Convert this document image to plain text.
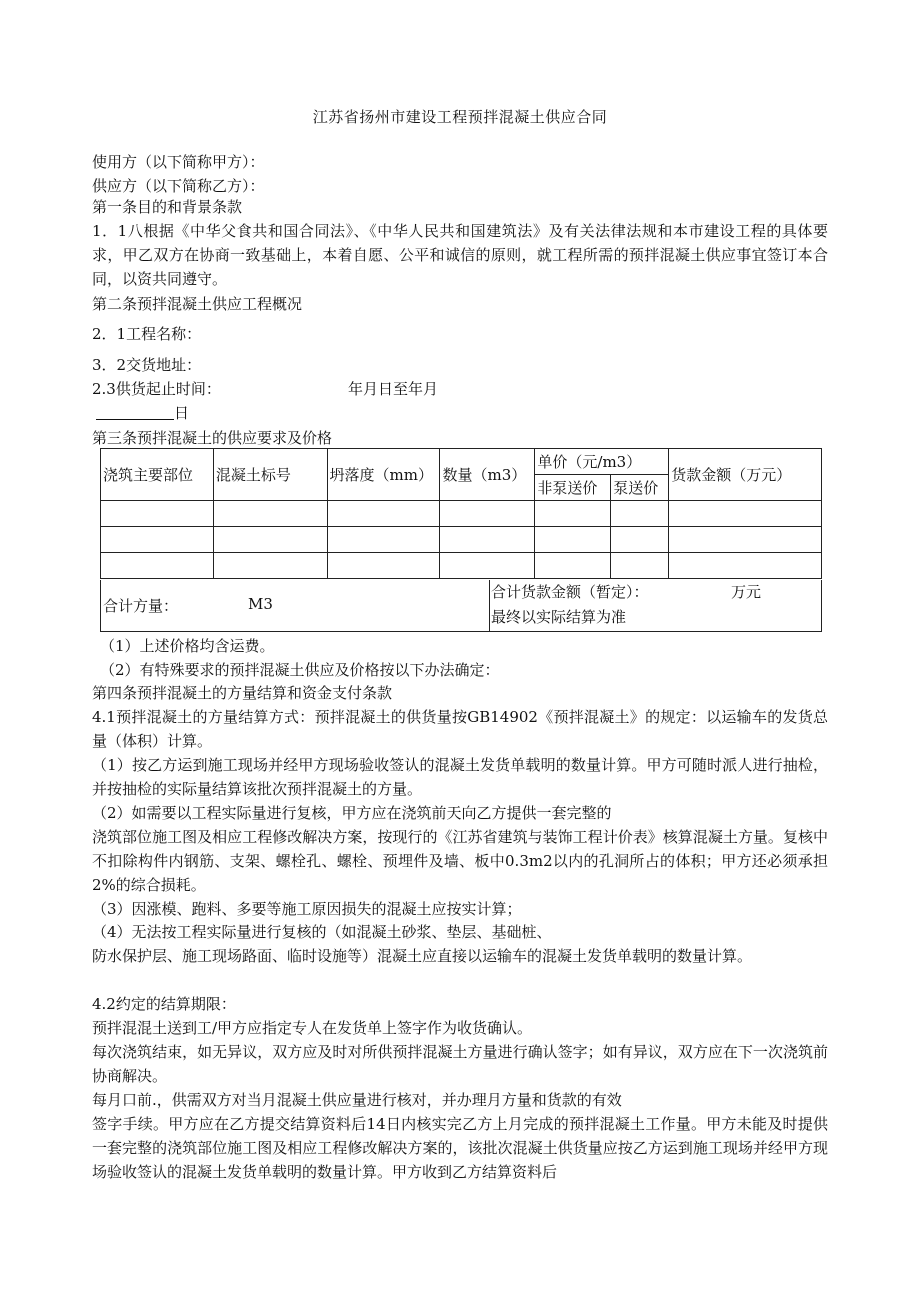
江苏省扬州市建设工程预拌混凝土供应合同
使用方（以下简称甲方）：
供应方（以下简称乙方）：
第一条目的和背景条款
1．1八根据《中华父食共和国合同法》、《中华人民共和国建筑法》及有关法律法规和本市建设工程的具体要求，甲乙双方在协商一致基础上，本着自愿、公平和诚信的原则，就工程所需的预拌混凝土供应事宜签订本合同，以资共同遵守。
第二条预拌混凝土供应工程概况
2．1工程名称：
3．2交货地址：
2.3供货起止时间：	年月日至年月
日
第三条预拌混凝土的供应要求及价格
浇筑主要部位	混凝土标号	坍落度（mm）	数量（m3）	单价（元/m3）		货款金额（万元）
				非泵送价	泵送价	

合计方量：	M3
合计货款金额（暂定）：	万元
最终以实际结算为准
（1）上述价格均含运费。
（2）有特殊要求的预拌混凝土供应及价格按以下办法确定：
第四条预拌混凝土的方量结算和资金支付条款
4.1预拌混凝土的方量结算方式：预拌混凝土的供货量按GB14902《预拌混凝土》的规定：以运输车的发货总量（体积）计算。
（1）按乙方运到施工现场并经甲方现场验收签认的混凝土发货单载明的数量计算。甲方可随时派人进行抽检，并按抽检的实际量结算该批次预拌混凝土的方量。
（2）如需要以工程实际量进行复核，甲方应在浇筑前天向乙方提供一套完整的
浇筑部位施工图及相应工程修改解决方案，按现行的《江苏省建筑与装饰工程计价表》核算混凝土方量。复核中不扣除构件内钢筋、支架、螺栓孔、螺栓、预埋件及墙、板中0.3m2以内的孔洞所占的体积；甲方还必须承担2%的综合损耗。
（3）因涨模、跑料、多要等施工原因损失的混凝土应按实计算；
（4）无法按工程实际量进行复核的（如混凝土砂浆、垫层、基础桩、
防水保护层、施工现场路面、临时设施等）混凝土应直接以运输车的混凝土发货单载明的数量计算。
4.2约定的结算期限：
预拌混混土送到工/甲方应指定专人在发货单上签字作为收货确认。
每次浇筑结束，如无异议，双方应及时对所供预拌混凝土方量进行确认签字；如有异议，双方应在下一次浇筑前协商解决。
每月口前.，供需双方对当月混凝土供应量进行核对，并办理月方量和货款的有效
签字手续。甲方应在乙方提交结算资料后14日内核实完乙方上月完成的预拌混凝土工作量。甲方未能及时提供一套完整的浇筑部位施工图及相应工程修改解决方案的，该批次混凝土供货量应按乙方运到施工现场并经甲方现场验收签认的混凝土发货单载明的数量计算。甲方收到乙方结算资料后
